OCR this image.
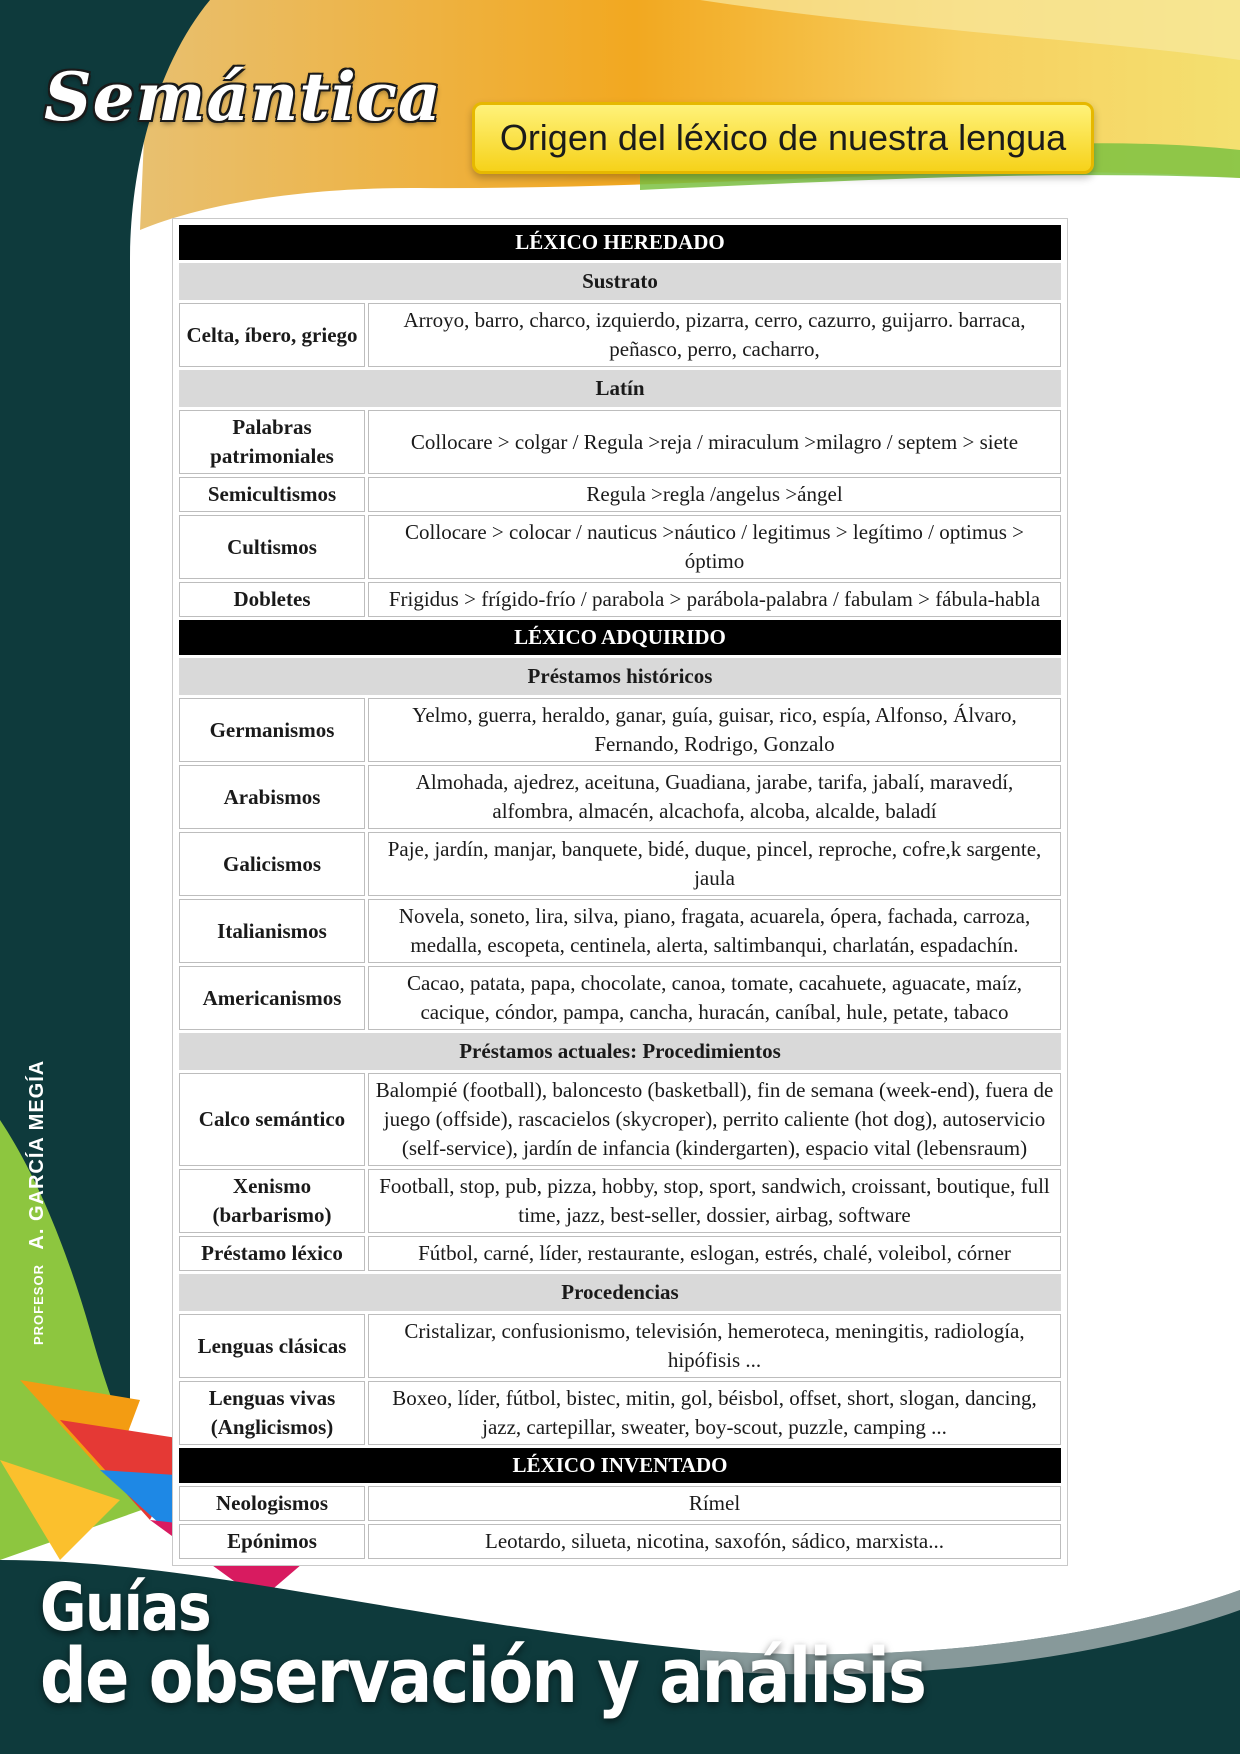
Semántica
Origen del léxico de nuestra lengua
PROFESOR A. GARCÍA MEGÍA
LÉXICO HEREDADO	
Sustrato	
Celta, íbero, griego	Arroyo, barro, charco, izquierdo, pizarra, cerro, cazurro, guijarro. barraca, peñasco, perro, cacharro,
Latín	
Palabras patrimoniales	Collocare > colgar / Regula >reja / miraculum >milagro / septem > siete
Semicultismos	Regula >regla /angelus >ángel
Cultismos	Collocare > colocar / nauticus >náutico / legitimus > legítimo / optimus > óptimo
Dobletes	Frigidus > frígido-frío / parabola > parábola-palabra / fabulam > fábula-habla
LÉXICO ADQUIRIDO	
Préstamos históricos	
Germanismos	Yelmo, guerra, heraldo, ganar, guía, guisar, rico, espía, Alfonso, Álvaro, Fernando, Rodrigo, Gonzalo
Arabismos	Almohada, ajedrez, aceituna, Guadiana, jarabe, tarifa, jabalí, maravedí, alfombra, almacén, alcachofa, alcoba, alcalde, baladí
Galicismos	Paje, jardín, manjar, banquete, bidé, duque, pincel, reproche, cofre,k sargente, jaula
Italianismos	Novela, soneto, lira, silva, piano, fragata, acuarela, ópera, fachada, carroza, medalla, escopeta, centinela, alerta, saltimbanqui, charlatán, espadachín.
Americanismos	Cacao, patata, papa, chocolate, canoa, tomate, cacahuete, aguacate, maíz, cacique, cóndor, pampa, cancha, huracán, caníbal, hule, petate, tabaco
Préstamos actuales: Procedimientos	
Calco semántico	Balompié (football), baloncesto (basketball), fin de semana (week-end), fuera de juego (offside), rascacielos (skycroper), perrito caliente (hot dog), autoservicio (self-service), jardín de infancia (kindergarten), espacio vital (lebensraum)
Xenismo (barbarismo)	Football, stop, pub, pizza, hobby, stop, sport, sandwich, croissant, boutique, full time, jazz, best-seller, dossier, airbag, software
Préstamo léxico	Fútbol, carné, líder, restaurante, eslogan, estrés, chalé, voleibol, córner
Procedencias	
Lenguas clásicas	Cristalizar, confusionismo, televisión, hemeroteca, meningitis, radiología, hipófisis ...
Lenguas vivas (Anglicismos)	Boxeo, líder, fútbol, bistec, mitin, gol, béisbol, offset, short, slogan, dancing, jazz, cartepillar, sweater, boy-scout, puzzle, camping ...
LÉXICO INVENTADO	
Neologismos	Rímel
Epónimos	Leotardo, silueta, nicotina, saxofón, sádico, marxista...
Guías
de observación y análisis
